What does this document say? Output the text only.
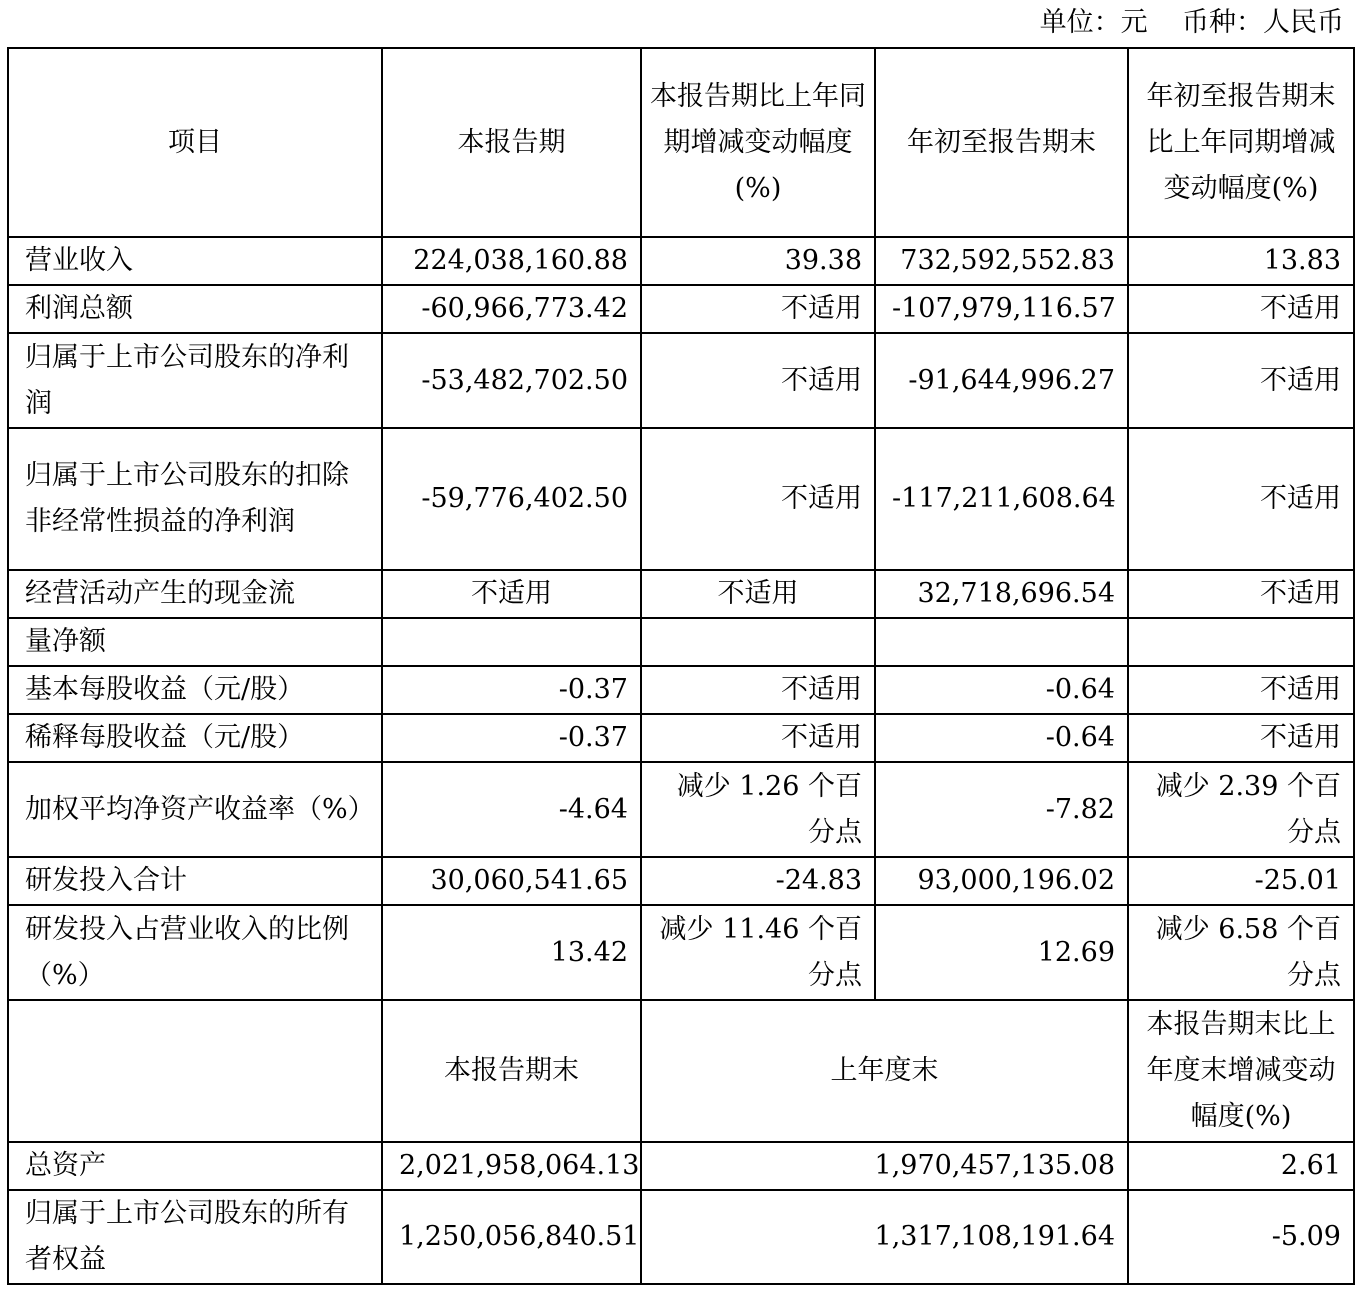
单位：元    币种：人民币
项目	本报告期	本报告期比上年同期增减变动幅度(%)	年初至报告期末	年初至报告期末比上年同期增减变动幅度(%)
营业收入	224,038,160.88	39.38	732,592,552.83	13.83
利润总额	-60,966,773.42	不适用	-107,979,116.57	不适用
归属于上市公司股东的净利润	-53,482,702.50	不适用	-91,644,996.27	不适用
归属于上市公司股东的扣除非经常性损益的净利润	-59,776,402.50	不适用	-117,211,608.64	不适用
经营活动产生的现金流	不适用	不适用	32,718,696.54	不适用
量净额				
基本每股收益（元/股）	-0.37	不适用	-0.64	不适用
稀释每股收益（元/股）	-0.37	不适用	-0.64	不适用
加权平均净资产收益率（%）	-4.64	减少 1.26 个百分点	-7.82	减少 2.39 个百分点
研发投入合计	30,060,541.65	-24.83	93,000,196.02	-25.01
研发投入占营业收入的比例（%）	13.42	减少 11.46 个百分点	12.69	减少 6.58 个百分点
	本报告期末	上年度末		本报告期末比上年度末增减变动幅度(%)
总资产	2,021,958,064.13	1,970,457,135.08		2.61
归属于上市公司股东的所有者权益	1,250,056,840.51	1,317,108,191.64		-5.09
